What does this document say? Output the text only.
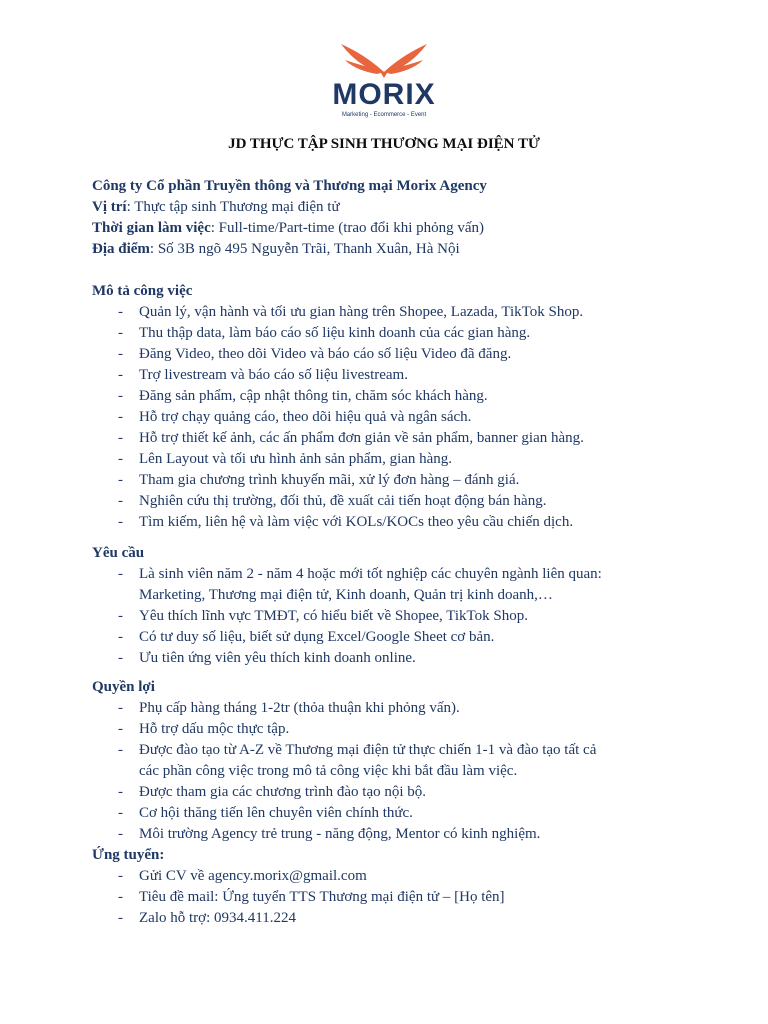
MORIX
Marketing - Ecommerce - Event
JD THỰC TẬP SINH THƯƠNG MẠI ĐIỆN TỬ
Công ty Cổ phần Truyền thông và Thương mại Morix Agency
Vị trí: Thực tập sinh Thương mại điện tử
Thời gian làm việc: Full-time/Part-time (trao đổi khi phỏng vấn)
Địa điểm: Số 3B ngõ 495 Nguyễn Trãi, Thanh Xuân, Hà Nội
Mô tả công việc
- Quản lý, vận hành và tối ưu gian hàng trên Shopee, Lazada, TikTok Shop.
- Thu thập data, làm báo cáo số liệu kinh doanh của các gian hàng.
- Đăng Video, theo dõi Video và báo cáo số liệu Video đã đăng.
- Trợ livestream và báo cáo số liệu livestream.
- Đăng sản phẩm, cập nhật thông tin, chăm sóc khách hàng.
- Hỗ trợ chạy quảng cáo, theo dõi hiệu quả và ngân sách.
- Hỗ trợ thiết kế ảnh, các ấn phẩm đơn giản về sản phẩm, banner gian hàng.
- Lên Layout và tối ưu hình ảnh sản phẩm, gian hàng.
- Tham gia chương trình khuyến mãi, xử lý đơn hàng – đánh giá.
- Nghiên cứu thị trường, đối thủ, đề xuất cải tiến hoạt động bán hàng.
- Tìm kiếm, liên hệ và làm việc với KOLs/KOCs theo yêu cầu chiến dịch.
Yêu cầu
- Là sinh viên năm 2 - năm 4 hoặc mới tốt nghiệp các chuyên ngành liên quan:
Marketing, Thương mại điện tử, Kinh doanh, Quản trị kinh doanh,…
- Yêu thích lĩnh vực TMĐT, có hiểu biết về Shopee, TikTok Shop.
- Có tư duy số liệu, biết sử dụng Excel/Google Sheet cơ bản.
- Ưu tiên ứng viên yêu thích kinh doanh online.
Quyền lợi
- Phụ cấp hàng tháng 1-2tr (thỏa thuận khi phỏng vấn).
- Hỗ trợ dấu mộc thực tập.
- Được đào tạo từ A-Z về Thương mại điện tử thực chiến 1-1 và đào tạo tất cả
các phần công việc trong mô tả công việc khi bắt đầu làm việc.
- Được tham gia các chương trình đào tạo nội bộ.
- Cơ hội thăng tiến lên chuyên viên chính thức.
- Môi trường Agency trẻ trung - năng động, Mentor có kinh nghiệm.
Ứng tuyển:
- Gửi CV về agency.morix@gmail.com
- Tiêu đề mail: Ứng tuyển TTS Thương mại điện tử – [Họ tên]
- Zalo hỗ trợ: 0934.411.224
